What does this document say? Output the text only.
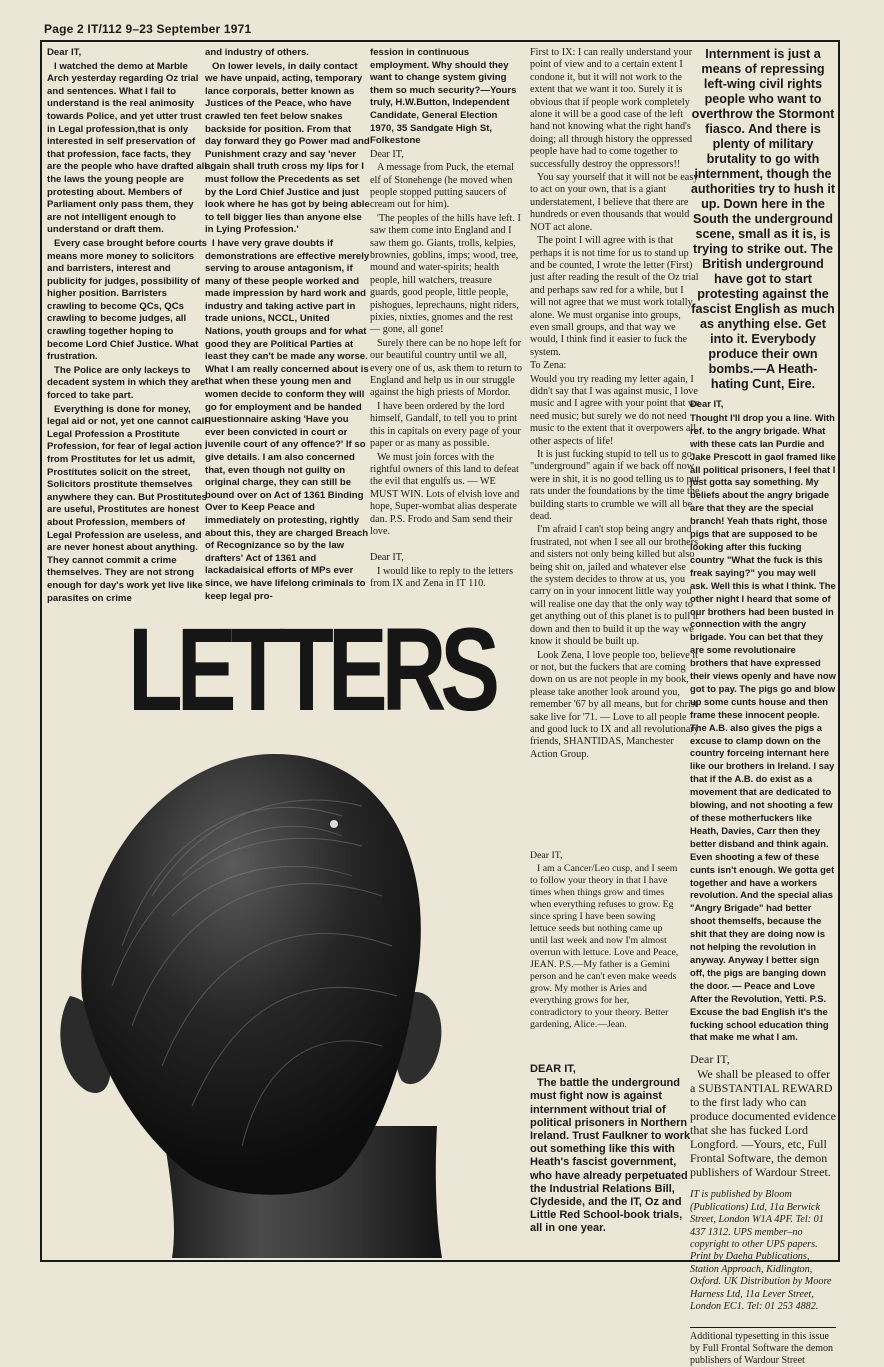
Page 2 IT/112 9–23 September 1971

Dear IT,

I watched the demo at Marble Arch yesterday regarding Oz trial and sentences. What I fail to understand is the real animosity towards Police, and yet utter trust in Legal profession,that is only interested in self preservation of that profession, face facts, they are the people who have drafted all the laws the young people are protesting about. Members of Parliament only pass them, they are not intelligent enough to understand or draft them.

Every case brought before courts means more money to solicitors and barristers, interest and publicity for judges, possibility of higher position. Barristers crawling to become QCs, QCs crawling to become judges, all crawling together hoping to become Lord Chief Justice. What frustration.

The Police are only lackeys to decadent system in which they are forced to take part.

Everything is done for money, legal aid or not, yet one cannot call Legal Profession a Prostitute Profession, for fear of legal action from Prostitutes for let us admit, Prostitutes solicit on the street, Solicitors prostitute themselves anywhere they can. But Prostitutes are useful, Prostitutes are honest about Profession, members of Legal Profession are useless, and are never honest about anything. They cannot commit a crime themselves. They are not strong enough for day's work yet live like parasites on crime

and industry of others.

On lower levels, in daily contact we have unpaid, acting, temporary lance corporals, better known as Justices of the Peace, who have crawled ten feet below snakes backside for position. From that day forward they go Power mad and Punishment crazy and say 'never again shall truth cross my lips for I must follow the Precedents as set by the Lord Chief Justice and just look where he has got by being able to tell bigger lies than anyone else in Lying Profession.'

I have very grave doubts if demonstrations are effective merely serving to arouse antagonism, if many of these people worked and made impression by hard work and industry and taking active part in trade unions, NCCL, United Nations, youth groups and for what good they are Political Parties at least they can't be made any worse. What I am really concerned about is that when these young men and women decide to conform they will go for employment and be handed questionnaire asking 'Have you ever been convicted in court or juvenile court of any offence?' If so give details. I am also concerned that, even though not guilty on original charge, they can still be bound over on Act of 1361 Binding Over to Keep Peace and immediately on protesting, rightly about this, they are charged Breach of Recognizance so by the law drafters' Act of 1361 and lackadaisical efforts of MPs ever since, we have lifelong criminals to keep legal pro-

fession in continuous employment. Why should they want to change system giving them so much security?—Yours truly, H.W.Button, Independent Candidate, General Election 1970, 35 Sandgate High St, Folkestone

Dear IT,

A message from Puck, the eternal elf of Stonehenge (he moved when people stopped putting saucers of cream out for him).

'The peoples of the hills have left. I saw them come into England and I saw them go. Giants, trolls, kelpies, brownies, goblins, imps; wood, tree, mound and water-spirits; health people, hill watchers, treasure guards, good people, little people, pishogues, leprechauns, night riders, pixies, nixties, gnomes and the rest — gone, all gone!

Surely there can be no hope left for our beautiful country until we all, every one of us, ask them to return to England and help us in our struggle against the high priests of Mordor.

I have been ordered by the lord himself, Gandalf, to tell you to print this in capitals on every page of your paper or as many as possible.

We must join forces with the rightful owners of this land to defeat the evil that engulfs us. — WE MUST WIN. Lots of elvish love and hope, Super-wombat alias desperate dan. P.S. Frodo and Sam send their love.

Dear IT,

I would like to reply to the letters from IX and Zena in IT 110.

First to IX: I can really understand your point of view and to a certain extent I condone it, but it will not work to the extent that we want it too. Surely it is obvious that if people work completely alone it will be a good case of the left hand not knowing what the right hand's doing; all through history the oppressed people have had to come together to successfully destroy the oppressors!!

You say yourself that it will not be easy to act on your own, that is a giant understatement, I believe that there are hundreds or even thousands that would NOT act alone.

The point I will agree with is that perhaps it is not time for us to stand up and be counted, I wrote the letter (First) just after reading the result of the Oz trial and perhaps saw red for a while, but I will not agree that we must work totally alone. We must organise into groups, even small groups, and that way we would, I think find it easier to fuck the system.

To Zena:

Would you try reading my letter again, I didn't say that I was against music, I love music and I agree with your point that we need music; but surely we do not need music to the extent that it overpowers all other aspects of life!

It is just fucking stupid to tell us to go "underground" again if we back off now were in shit, it is no good telling us to put rats under the foundations by the time the building starts to crumble we will all be dead.

I'm afraid I can't stop being angry and frustrated, not when I see all our brothers and sisters not only being killed but also being shit on, jailed and whatever else the system decides to throw at us, you carry on in your innocent little way you will realise one day that the only way to get anything out of this planet is to pull it down and then to build it up the way we know it should be built up.

Look Zena, I love people too, believe it or not, but the fuckers that are coming down on us are not people in my book, please take another look around you, remember '67 by all means, but for christ sake live for '71. — Love to all people and good luck to IX and all revolutionary friends, SHANTIDAS, Manchester Action Group.

Dear IT,

I am a Cancer/Leo cusp, and I seem to follow your theory in that I have times when things grow and times when everything refuses to grow. Eg since spring I have been sowing lettuce seeds but nothing came up until last week and now I'm almost overrun with lettuce. Love and Peace, JEAN. P.S.—My father is a Gemini person and he can't even make weeds grow. My mother is Aries and everything grows for her, contradictory to your theory. Better gardening, Alice.—Jean.

DEAR IT,

The battle the underground must fight now is against internment without trial of political prisoners in Northern Ireland. Trust Faulkner to work out something like this with Heath's fascist government, who have already perpetuated the Industrial Relations Bill, Clydeside, and the IT, Oz and Little Red School-book trials, all in one year.

Internment is just a means of repressing left-wing civil rights people who want to overthrow the Stormont fiasco. And there is plenty of military brutality to go with internment, though the authorities try to hush it up. Down here in the South the underground scene, small as it is, is trying to strike out. The British underground have got to start protesting against the fascist English as much as anything else. Get into it. Everybody produce their own bombs.—A Heath-hating Cunt, Eire.

Dear IT,

Thought I'll drop you a line. With ref. to the angry brigade. What with these cats Ian Purdie and Jake Prescott in gaol framed like all political prisoners, I feel that I just gotta say something. My beliefs about the angry brigade are that they are the special branch! Yeah thats right, those pigs that are supposed to be looking after this fucking country "What the fuck is this freak saying?" you may well ask. Well this is what I think. The other night I heard that some of our brothers had been busted in connection with the angry brigade. You can bet that they are some revolutionaire brothers that have expressed their views openly and have now got to pay. The pigs go and blow up some cunts house and then frame these innocent people. The A.B. also gives the pigs a excuse to clamp down on the country forceing internant here like our brothers in Ireland. I say that if the A.B. do exist as a movement that are dedicated to blowing, and not shooting a few of these motherfuckers like Heath, Davies, Carr then they better disband and think again. Even shooting a few of these cunts isn't enough. We gotta get together and have a workers revolution. And the special alias "Angry Brigade" had better shoot themselfs, because the shit that they are doing now is not helping the revolution in anyway. Anyway I better sign off, the pigs are banging down the door. — Peace and Love After the Revolution, Yetti. P.S. Excuse the bad English it's the fucking school education thing that make me what I am.

Dear IT,

We shall be pleased to offer a SUBSTANTIAL REWARD to the first lady who can produce documented evidence that she has fucked Lord Longford. —Yours, etc, Full Frontal Software, the demon publishers of Wardour Street.

IT is published by Bloom (Publications) Ltd, 11a Berwick Street, London W1A 4PF. Tel: 01 437 1312. UPS member–no copyright to other UPS papers. Print by Daeha Publications, Station Approach, Kidlington, Oxford. UK Distribution by Moore Harness Ltd, 11a Lever Street, London EC1. Tel: 01 253 4882.
Additional typesetting in this issue by Full Frontal Software the demon publishers of Wardour Street
LETTERS
